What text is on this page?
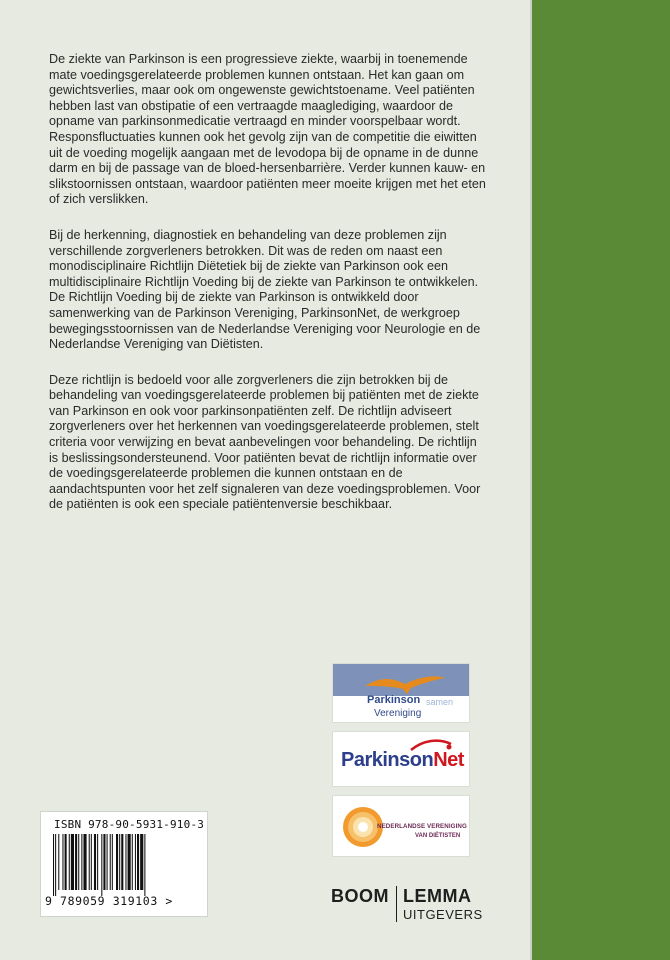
De ziekte van Parkinson is een progressieve ziekte, waarbij in toenemende mate voedingsgerelateerde problemen kunnen ontstaan. Het kan gaan om gewichtsverlies, maar ook om ongewenste gewichtstoename. Veel patiënten hebben last van obstipatie of een vertraagde maaglediging, waardoor de opname van parkinsonmedicatie vertraagd en minder voorspelbaar wordt. Responsfluctuaties kunnen ook het gevolg zijn van de competitie die eiwitten uit de voeding mogelijk aangaan met de levodopa bij de opname in de dunne darm en bij de passage van de bloed-hersenbarrière. Verder kunnen kauw- en slikstoornissen ontstaan, waardoor patiënten meer moeite krijgen met het eten of zich verslikken.

Bij de herkenning, diagnostiek en behandeling van deze problemen zijn verschillende zorgverleners betrokken. Dit was de reden om naast een monodisciplinaire Richtlijn Diëtetiek bij de ziekte van Parkinson ook een multidisciplinaire Richtlijn Voeding bij de ziekte van Parkinson te ontwikkelen. De Richtlijn Voeding bij de ziekte van Parkinson is ontwikkeld door samenwerking van de Parkinson Vereniging, ParkinsonNet, de werkgroep bewegingsstoornissen van de Nederlandse Vereniging voor Neurologie en de Nederlandse Vereniging van Diëtisten.

Deze richtlijn is bedoeld voor alle zorgverleners die zijn betrokken bij de behandeling van voedingsgerelateerde problemen bij patiënten met de ziekte van Parkinson en ook voor parkinsonpatiënten zelf. De richtlijn adviseert zorgverleners over het herkennen van voedingsgerelateerde problemen, stelt criteria voor verwijzing en bevat aanbevelingen voor behandeling. De richtlijn is beslissingsondersteunend. Voor patiënten bevat de richtlijn informatie over de voedingsgerelateerde problemen die kunnen ontstaan en de aandachtspunten voor het zelf signaleren van deze voedingsproblemen. Voor de patiënten is ook een speciale patiëntenversie beschikbaar.

Parkinson samen
Vereniging
ParkinsonNet
NEDERLANDSE VERENIGING
VAN DIËTISTEN
BOOM LEMMA
UITGEVERS
ISBN 978-90-5931-910-3
9 789059 319103 >
